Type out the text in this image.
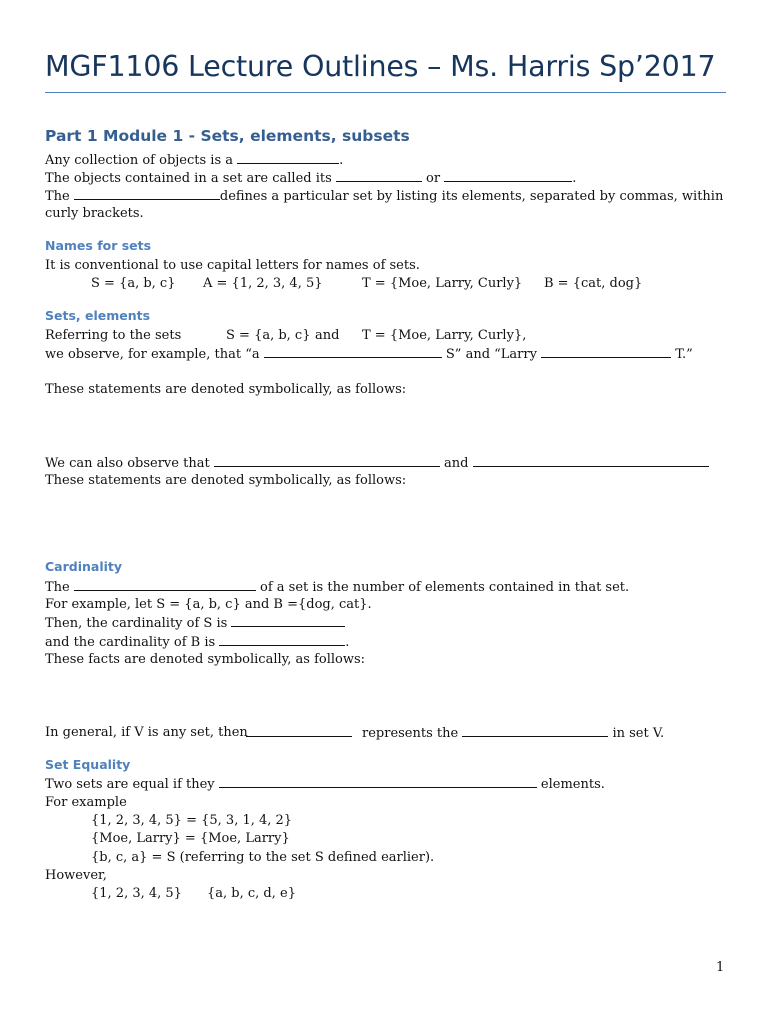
MGF1106 Lecture Outlines – Ms. Harris Sp’2017
Part 1 Module 1 - Sets, elements, subsets
Any collection of objects is a	.
The objects contained in a set are called its	or	.
The	defines a particular set by listing its elements, separated by commas, within
curly brackets.
Names for sets
It is conventional to use capital letters for names of sets.
S = {a, b, c} A = {1, 2, 3, 4, 5}	T = {Moe, Larry, Curly} B = {cat, dog}
Sets, elements
Referring to the sets	S = {a, b, c} and T = {Moe, Larry, Curly},
we observe, for example, that “a	S” and “Larry	T.”
These statements are denoted symbolically, as follows:
We can also observe that	and
These statements are denoted symbolically, as follows:
Cardinality
The	of a set is the number of elements contained in that set.
For example, let S = {a, b, c} and B ={dog, cat}.
Then, the cardinality of S is
and the cardinality of B is	.
These facts are denoted symbolically, as follows:
In general, if V is any set, then	represents the	in set V.
Set Equality
Two sets are equal if they	elements.
For example
{1, 2, 3, 4, 5} = {5, 3, 1, 4, 2}
{Moe, Larry} = {Moe, Larry}
{b, c, a} = S (referring to the set S defined earlier).
However,
{1, 2, 3, 4, 5} {a, b, c, d, e}
1
